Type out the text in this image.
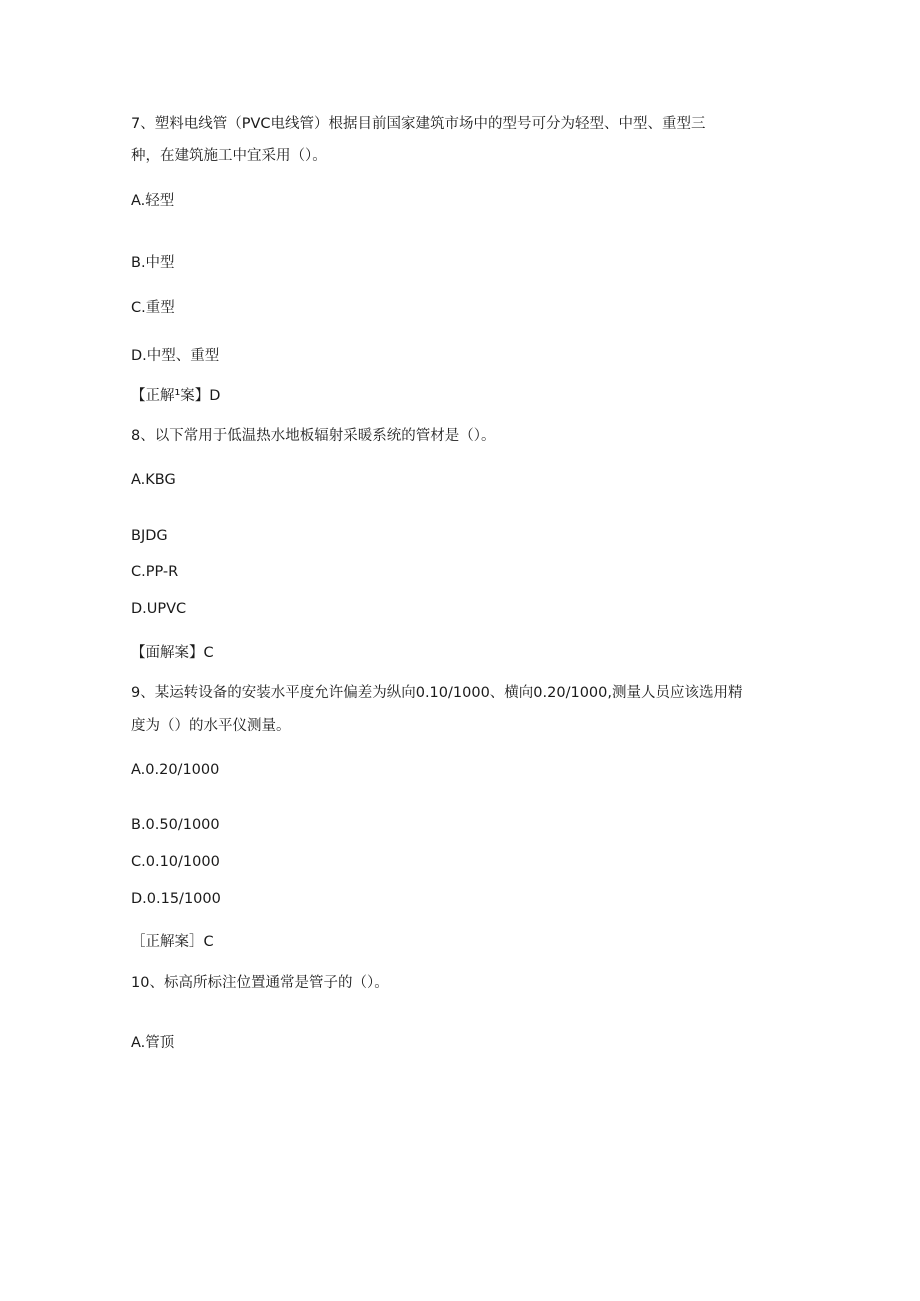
7、塑料电线管（PVC电线管）根据目前国家建筑市场中的型号可分为轻型、中型、重型三
种，在建筑施工中宜采用（）。
A.轻型
B.中型
C.重型
D.中型、重型
【正解¹案】D
8、以下常用于低温热水地板辐射采暖系统的管材是（）。
A.KBG
BJDG
C.PP-R
D.UPVC
【面解案】C
9、某运转设备的安装水平度允许偏差为纵向0.10/1000、横向0.20/1000,测量人员应该选用精
度为（）的水平仪测量。
A.0.20/1000
B.0.50/1000
C.0.10/1000
D.0.15/1000
［正解案］C
10、标高所标注位置通常是管子的（）。
A.管顶
